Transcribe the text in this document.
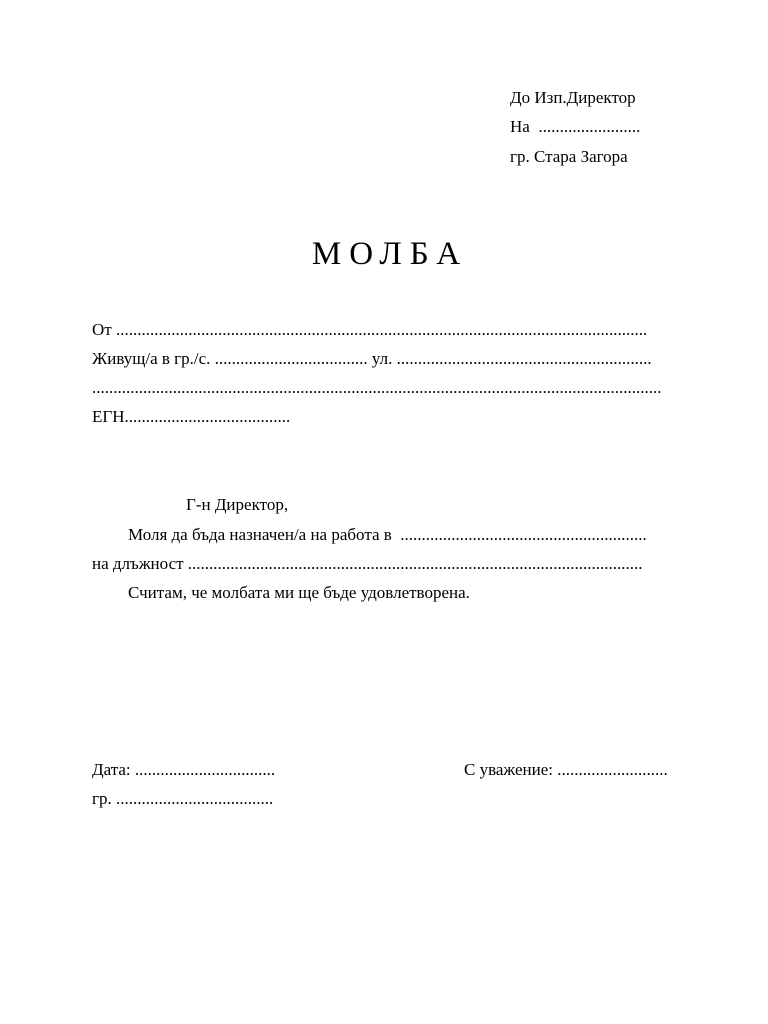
До Изп.Директор
На  ........................
гр. Стара Загора
МОЛБА
От .............................................................................................................................
Живущ/а в гр./с. .................................... ул. ............................................................
......................................................................................................................................
ЕГН.......................................
Г-н Директор,
Моля да бъда назначен/а на работа в  ..........................................................
на длъжност ...........................................................................................................
Считам, че молбата ми ще бъде удовлетворена.
Дата: .................................	С уважение: ..........................
гр. .....................................
